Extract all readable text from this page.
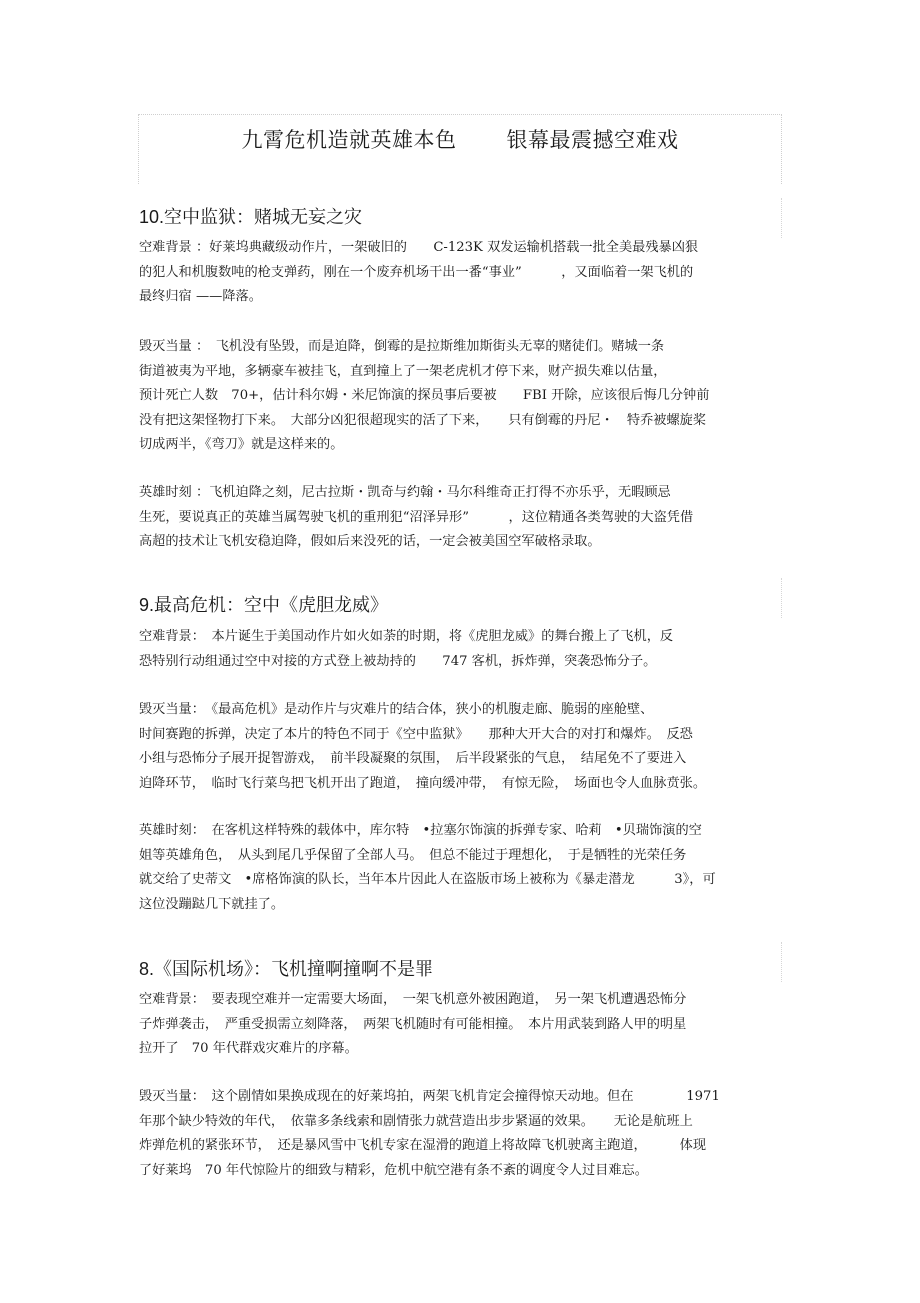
九霄危机造就英雄本色 银幕最震撼空难戏
10.空中监狱：赌城无妄之灾
空难背景 ：好莱坞典藏级动作片，一架破旧的　　C-123K 双发运输机搭载一批全美最残暴凶狠
的犯人和机腹数吨的枪支弹药，刚在一个废弃机场干出一番“事业”　　　，又面临着一架飞机的
最终归宿 ——降落。
毁灭当量 ：　飞机没有坠毁，而是迫降，倒霉的是拉斯维加斯街头无辜的赌徒们。赌城一条
街道被夷为平地，多辆豪车被挂飞，直到撞上了一架老虎机才停下来，财产损失难以估量，
预计死亡人数　70+，估计科尔姆・米尼饰演的探员事后要被　　FBI 开除，应该很后悔几分钟前
没有把这架怪物打下来。　大部分凶犯很超现实的活了下来，　　只有倒霉的丹尼・　特乔被螺旋桨
切成两半，《弯刀》就是这样来的。
英雄时刻 ：飞机迫降之刻，尼古拉斯・凯奇与约翰・马尔科维奇正打得不亦乐乎，无暇顾忌
生死，要说真正的英雄当属驾驶飞机的重刑犯“沼泽异形”　　　，这位精通各类驾驶的大盗凭借
高超的技术让飞机安稳迫降，假如后来没死的话，一定会被美国空军破格录取。
9.最高危机：空中《虎胆龙威》
空难背景：　本片诞生于美国动作片如火如荼的时期，将《虎胆龙威》的舞台搬上了飞机，反
恐特别行动组通过空中对接的方式登上被劫持的　　747 客机，拆炸弹，突袭恐怖分子。
毁灭当量：　《最高危机》是动作片与灾难片的结合体，狭小的机腹走廊、脆弱的座舱壁、
时间赛跑的拆弹，决定了本片的特色不同于《空中监狱》　　那种大开大合的对打和爆炸。　反恐
小组与恐怖分子展开捉智游戏，　前半段凝聚的氛围，　后半段紧张的气息，　结尾免不了要进入
迫降环节，　临时飞行菜鸟把飞机开出了跑道，　撞向缓冲带，　有惊无险，　场面也令人血脉贲张。
英雄时刻：　在客机这样特殊的载体中，库尔特　•拉塞尔饰演的拆弹专家、哈莉　•贝瑞饰演的空
姐等英雄角色，　从头到尾几乎保留了全部人马。　但总不能过于理想化，　于是牺牲的光荣任务
就交给了史蒂文　•席格饰演的队长，当年本片因此人在盗版市场上被称为《暴走潜龙　　　3》，可
这位没蹦跶几下就挂了。
8.《国际机场》：飞机撞啊撞啊不是罪
空难背景：　要表现空难并一定需要大场面，　一架飞机意外被困跑道，　另一架飞机遭遇恐怖分
子炸弹袭击，　严重受损需立刻降落，　两架飞机随时有可能相撞。　本片用武装到路人甲的明星
拉开了　70 年代群戏灾难片的序幕。
毁灭当量：　这个剧情如果换成现在的好莱坞拍，两架飞机肯定会撞得惊天动地。但在　　　　1971
年那个缺少特效的年代，　依靠多条线索和剧情张力就营造出步步紧逼的效果。　　无论是航班上
炸弹危机的紧张环节，　还是暴风雪中飞机专家在湿滑的跑道上将故障飞机驶离主跑道，　　　体现
了好莱坞　70 年代惊险片的细致与精彩，危机中航空港有条不紊的调度令人过目难忘。
